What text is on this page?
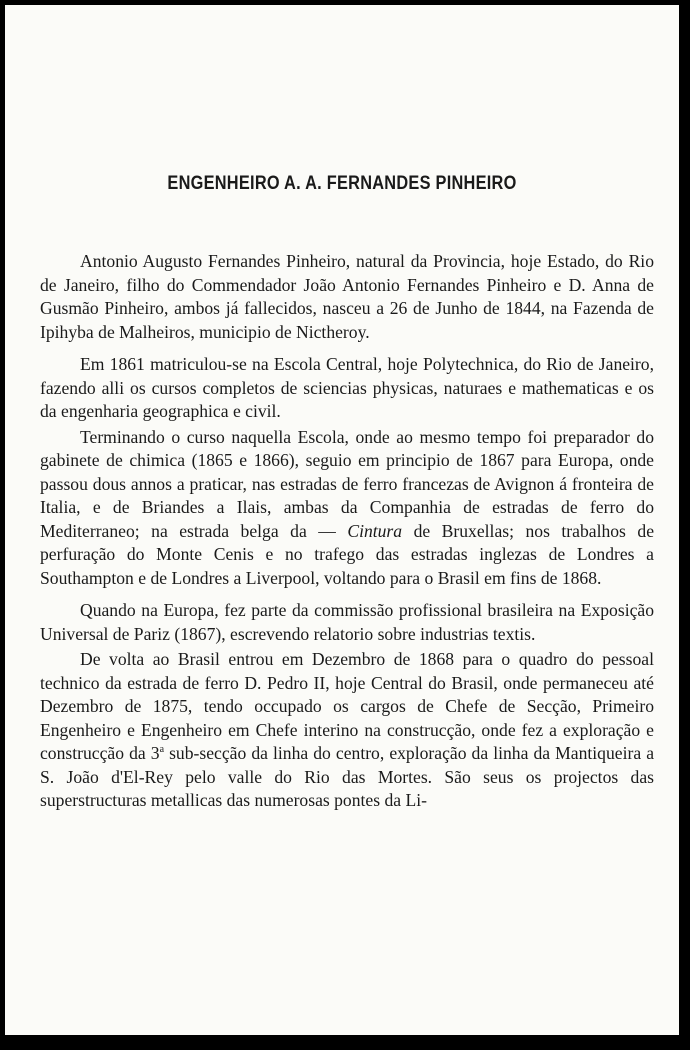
ENGENHEIRO A. A. FERNANDES PINHEIRO

Antonio Augusto Fernandes Pinheiro, natural da Provincia, hoje Estado, do Rio de Janeiro, filho do Commendador João Antonio Fernandes Pinheiro e D. Anna de Gusmão Pinheiro, ambos já fallecidos, nasceu a 26 de Junho de 1844, na Fazenda de Ipihyba de Malheiros, municipio de Nictheroy.

Em 1861 matriculou-se na Escola Central, hoje Polytechnica, do Rio de Janeiro, fazendo alli os cursos completos de sciencias physicas, naturaes e mathematicas e os da engenharia geographica e civil.

Terminando o curso naquella Escola, onde ao mesmo tempo foi preparador do gabinete de chimica (1865 e 1866), seguio em principio de 1867 para Europa, onde passou dous annos a praticar, nas estradas de ferro francezas de Avignon á fronteira de Italia, e de Briandes a Ilais, ambas da Companhia de estradas de ferro do Mediterraneo; na estrada belga da — Cintura de Bruxellas; nos trabalhos de perfuração do Monte Cenis e no trafego das estradas inglezas de Londres a Southampton e de Londres a Liverpool, voltando para o Brasil em fins de 1868.

Quando na Europa, fez parte da commissão profissional brasileira na Exposição Universal de Pariz (1867), escrevendo relatorio sobre industrias textis.

De volta ao Brasil entrou em Dezembro de 1868 para o quadro do pessoal technico da estrada de ferro D. Pedro II, hoje Central do Brasil, onde permaneceu até Dezembro de 1875, tendo occupado os cargos de Chefe de Secção, Primeiro Engenheiro e Engenheiro em Chefe interino na construcção, onde fez a exploração e construcção da 3$^a$ sub-secção da linha do centro, exploração da linha da Mantiqueira a S. João d'El-Rey pelo valle do Rio das Mortes. São seus os projectos das superstructuras metallicas das numerosas pontes da Li-
